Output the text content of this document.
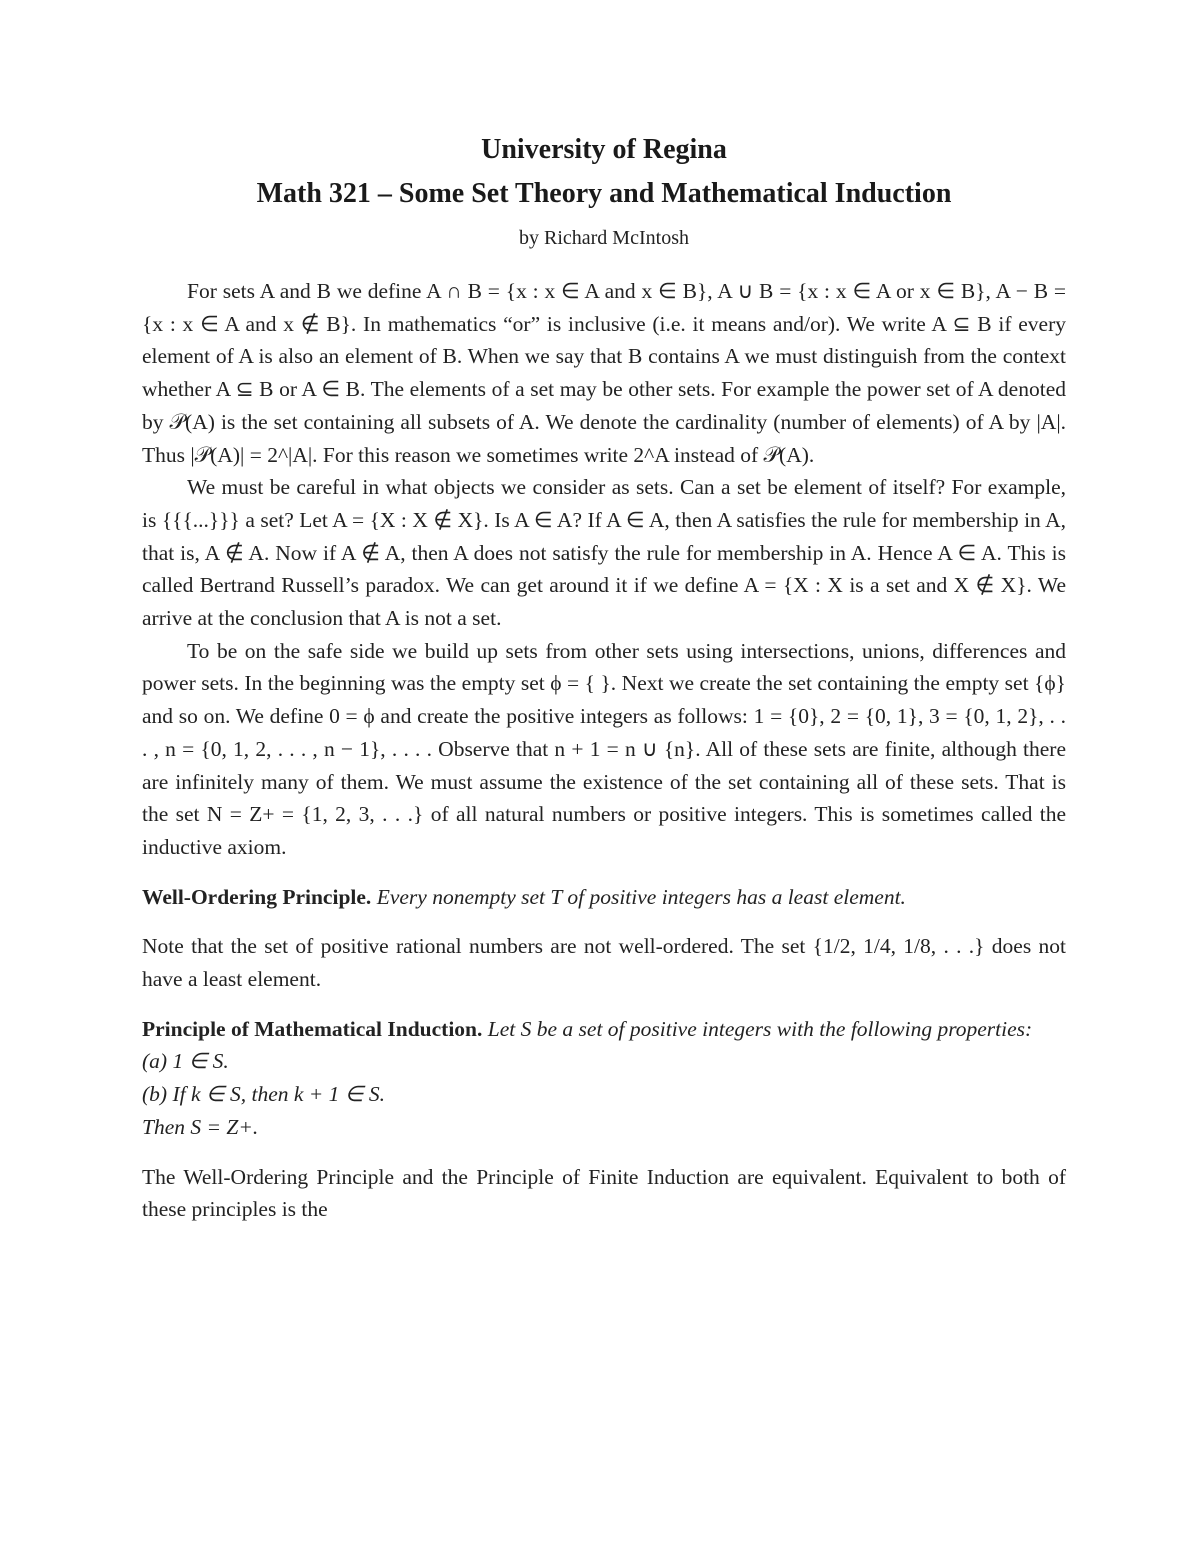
University of Regina
Math 321 – Some Set Theory and Mathematical Induction
by Richard McIntosh

For sets A and B we define A ∩ B = {x : x ∈ A and x ∈ B}, A ∪ B = {x : x ∈ A or x ∈ B}, A − B = {x : x ∈ A and x ∉ B}. In mathematics “or” is inclusive (i.e. it means and/or). We write A ⊆ B if every element of A is also an element of B. When we say that B contains A we must distinguish from the context whether A ⊆ B or A ∈ B. The elements of a set may be other sets. For example the power set of A denoted by 𝒫(A) is the set containing all subsets of A. We denote the cardinality (number of elements) of A by |A|. Thus |𝒫(A)| = 2^|A|. For this reason we sometimes write 2^A instead of 𝒫(A).

We must be careful in what objects we consider as sets. Can a set be element of itself? For example, is {{{...}}} a set? Let A = {X : X ∉ X}. Is A ∈ A? If A ∈ A, then A satisfies the rule for membership in A, that is, A ∉ A. Now if A ∉ A, then A does not satisfy the rule for membership in A. Hence A ∈ A. This is called Bertrand Russell’s paradox. We can get around it if we define A = {X : X is a set and X ∉ X}. We arrive at the conclusion that A is not a set.

To be on the safe side we build up sets from other sets using intersections, unions, differences and power sets. In the beginning was the empty set ϕ = { }. Next we create the set containing the empty set {ϕ} and so on. We define 0 = ϕ and create the positive integers as follows: 1 = {0}, 2 = {0, 1}, 3 = {0, 1, 2}, . . . , n = {0, 1, 2, . . . , n − 1}, . . . . Observe that n + 1 = n ∪ {n}. All of these sets are finite, although there are infinitely many of them. We must assume the existence of the set containing all of these sets. That is the set N = Z+ = {1, 2, 3, . . .} of all natural numbers or positive integers. This is sometimes called the inductive axiom.

Well-Ordering Principle. Every nonempty set T of positive integers has a least element.

Note that the set of positive rational numbers are not well-ordered. The set {1/2, 1/4, 1/8, . . .} does not have a least element.

Principle of Mathematical Induction. Let S be a set of positive integers with the following properties:

(a) 1 ∈ S.

(b) If k ∈ S, then k + 1 ∈ S.

Then S = Z+.

The Well-Ordering Principle and the Principle of Finite Induction are equivalent. Equivalent to both of these principles is the
